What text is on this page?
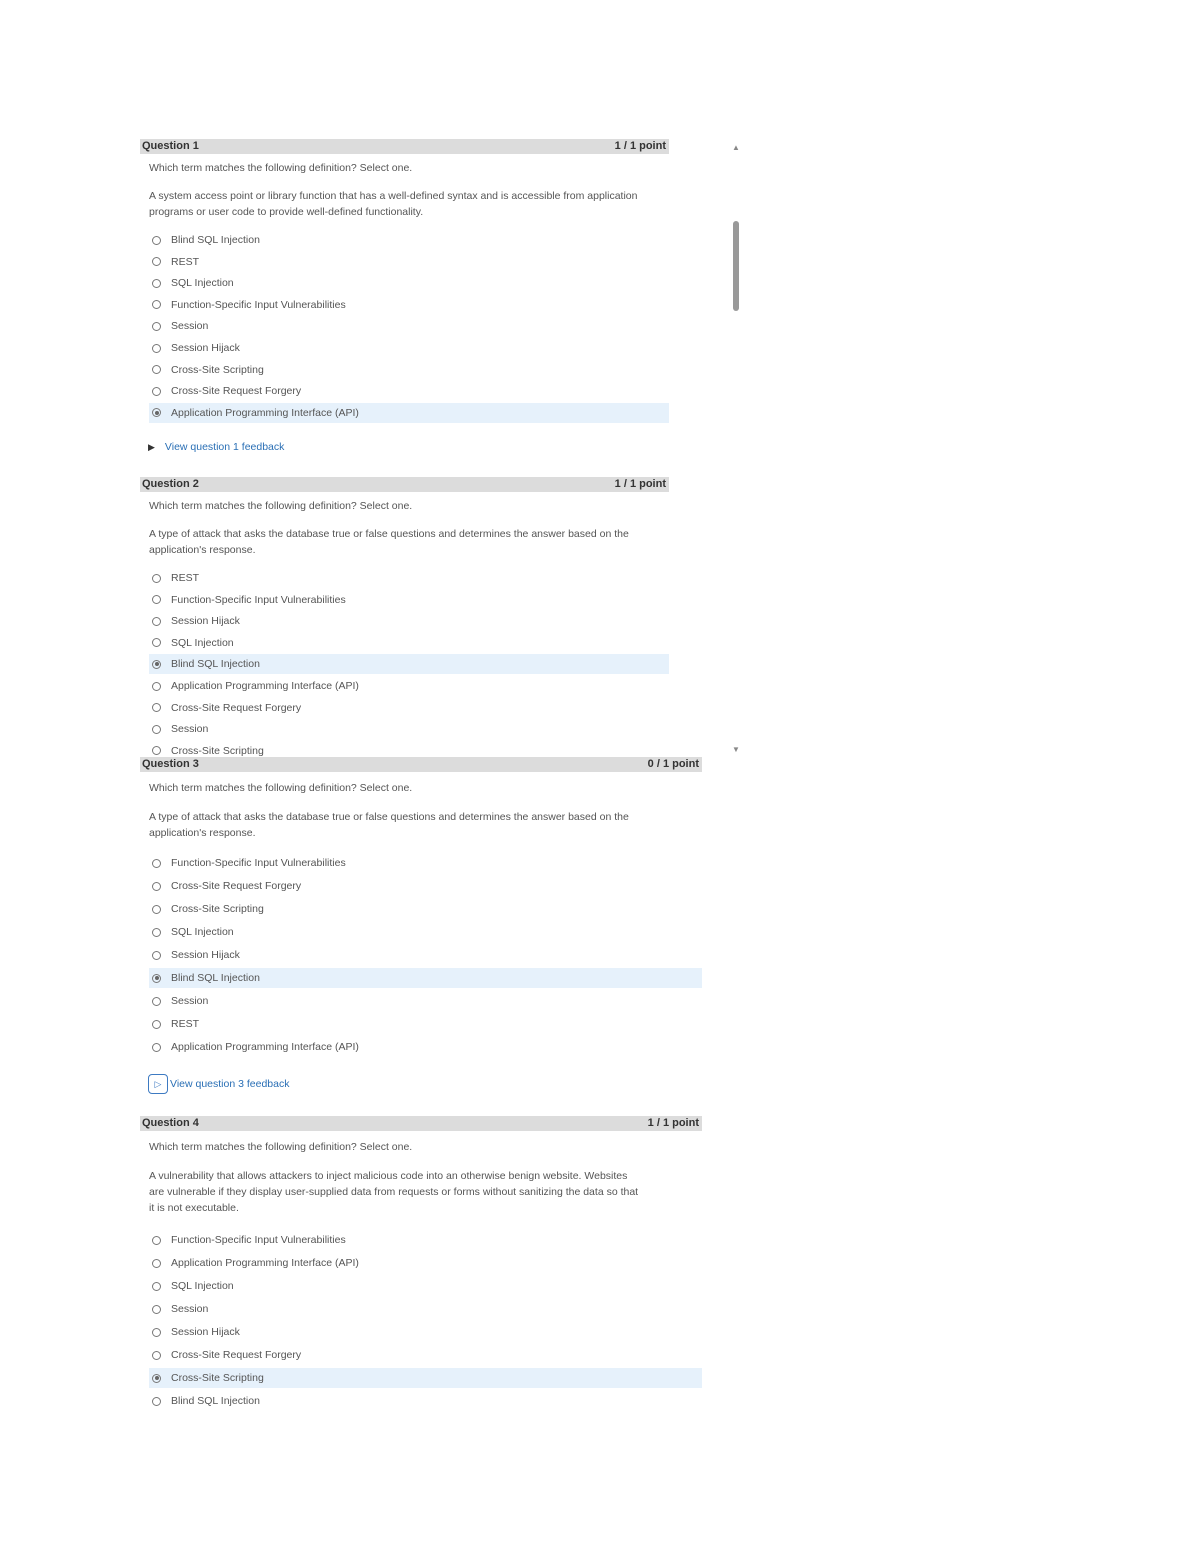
Question 1	1 / 1 point
Which term matches the following definition? Select one.
A system access point or library function that has a well-defined syntax and is accessible from application
programs or user code to provide well-defined functionality.
Blind SQL Injection
REST
SQL Injection
Function-Specific Input Vulnerabilities
Session
Session Hijack
Cross-Site Scripting
Cross-Site Request Forgery
Application Programming Interface (API)
▶ View question 1 feedback
Question 2	1 / 1 point
Which term matches the following definition? Select one.
A type of attack that asks the database true or false questions and determines the answer based on the
application's response.
REST
Function-Specific Input Vulnerabilities
Session Hijack
SQL Injection
Blind SQL Injection
Application Programming Interface (API)
Cross-Site Request Forgery
Session
Cross-Site Scripting
Question 3	0 / 1 point
Which term matches the following definition? Select one.
A type of attack that asks the database true or false questions and determines the answer based on the
application's response.
Function-Specific Input Vulnerabilities
Cross-Site Request Forgery
Cross-Site Scripting
SQL Injection
Session Hijack
Blind SQL Injection
Session
REST
Application Programming Interface (API)
▷ View question 3 feedback
Question 4	1 / 1 point
Which term matches the following definition? Select one.
A vulnerability that allows attackers to inject malicious code into an otherwise benign website. Websites
are vulnerable if they display user-supplied data from requests or forms without sanitizing the data so that
it is not executable.
Function-Specific Input Vulnerabilities
Application Programming Interface (API)
SQL Injection
Session
Session Hijack
Cross-Site Request Forgery
Cross-Site Scripting
Blind SQL Injection
▲
▼
